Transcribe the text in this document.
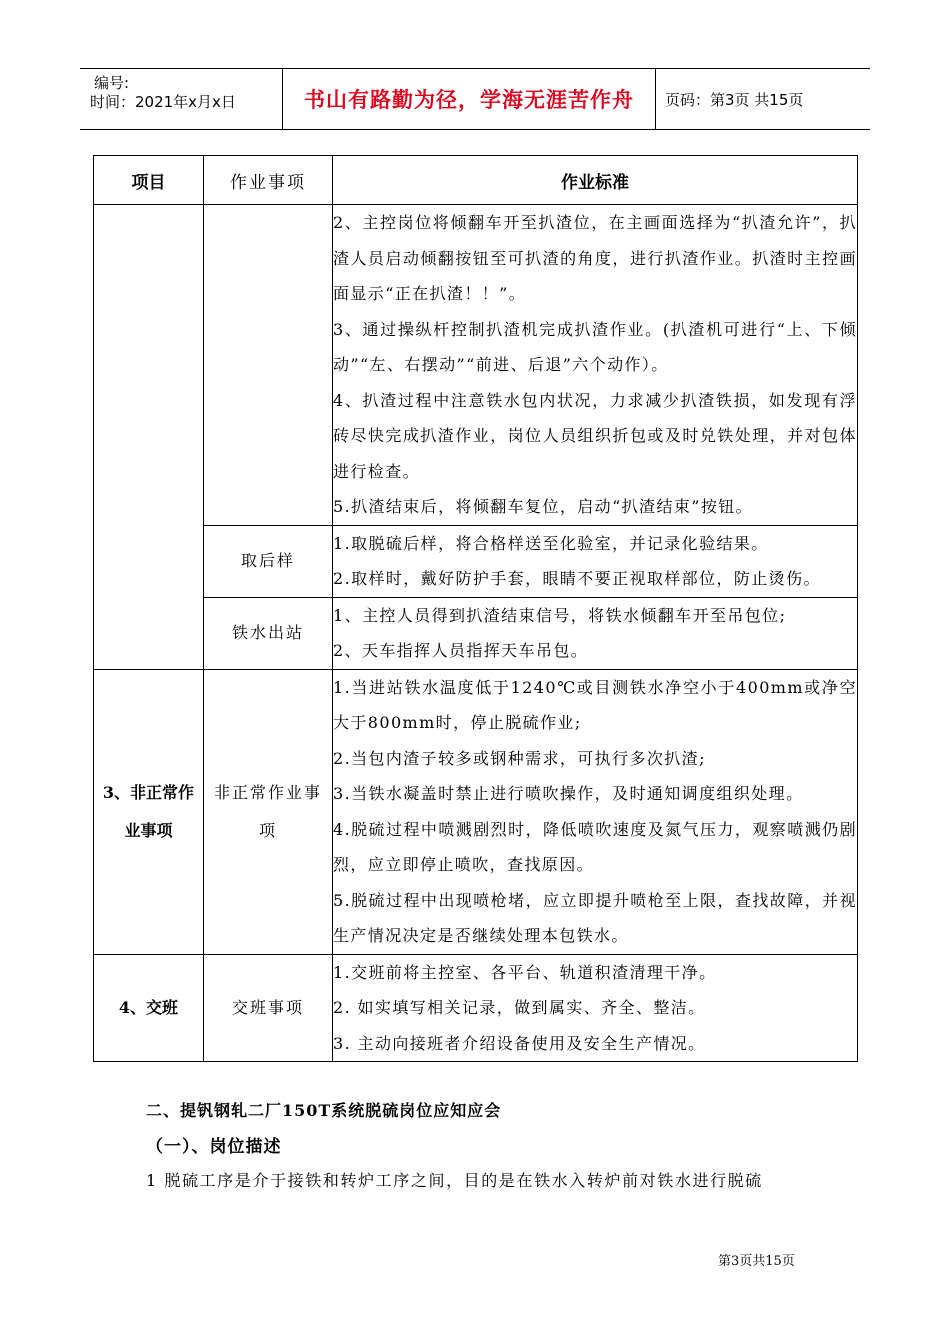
编号:
时间：2021年x月x日	书山有路勤为径，学海无涯苦作舟 页码：第3页 共15页
项目	作业事项	作业标准

		2、主控岗位将倾翻车开至扒渣位，在主画面选择为“扒渣允许”，扒渣人员启动倾翻按钮至可扒渣的角度，进行扒渣作业。扒渣时主控画面显示“正在扒渣！！”。

3、通过操纵杆控制扒渣机完成扒渣作业。(扒渣机可进行“上、下倾动”“左、右摆动”“前进、后退”六个动作）。

4、扒渣过程中注意铁水包内状况，力求减少扒渣铁损，如发现有浮砖尽快完成扒渣作业，岗位人员组织折包或及时兑铁处理，并对包体进行检查。

5.扒渣结束后，将倾翻车复位，启动“扒渣结束”按钮。

	取后样	1.取脱硫后样，将合格样送至化验室，并记录化验结果。

2.取样时，戴好防护手套，眼睛不要正视取样部位，防止烫伤。

	铁水出站	1、主控人员得到扒渣结束信号，将铁水倾翻车开至吊包位;

2、天车指挥人员指挥天车吊包。

3、非正常作业事项	非正常作业事项	1.当进站铁水温度低于1240℃或目测铁水净空小于400mm或净空大于800mm时，停止脱硫作业;

2.当包内渣子较多或钢种需求，可执行多次扒渣;

3.当铁水凝盖时禁止进行喷吹操作，及时通知调度组织处理。

4.脱硫过程中喷溅剧烈时，降低喷吹速度及氮气压力，观察喷溅仍剧烈，应立即停止喷吹，查找原因。

5.脱硫过程中出现喷枪堵，应立即提升喷枪至上限，查找故障，并视生产情况决定是否继续处理本包铁水。

4、交班	交班事项	1.交班前将主控室、各平台、轨道积渣清理干净。

2. 如实填写相关记录，做到属实、齐全、整洁。

3. 主动向接班者介绍设备使用及安全生产情况。

二、提钒钢轧二厂150T系统脱硫岗位应知应会
（一）、岗位描述
1 脱硫工序是介于接铁和转炉工序之间，目的是在铁水入转炉前对铁水进行脱硫
第3页共15页
